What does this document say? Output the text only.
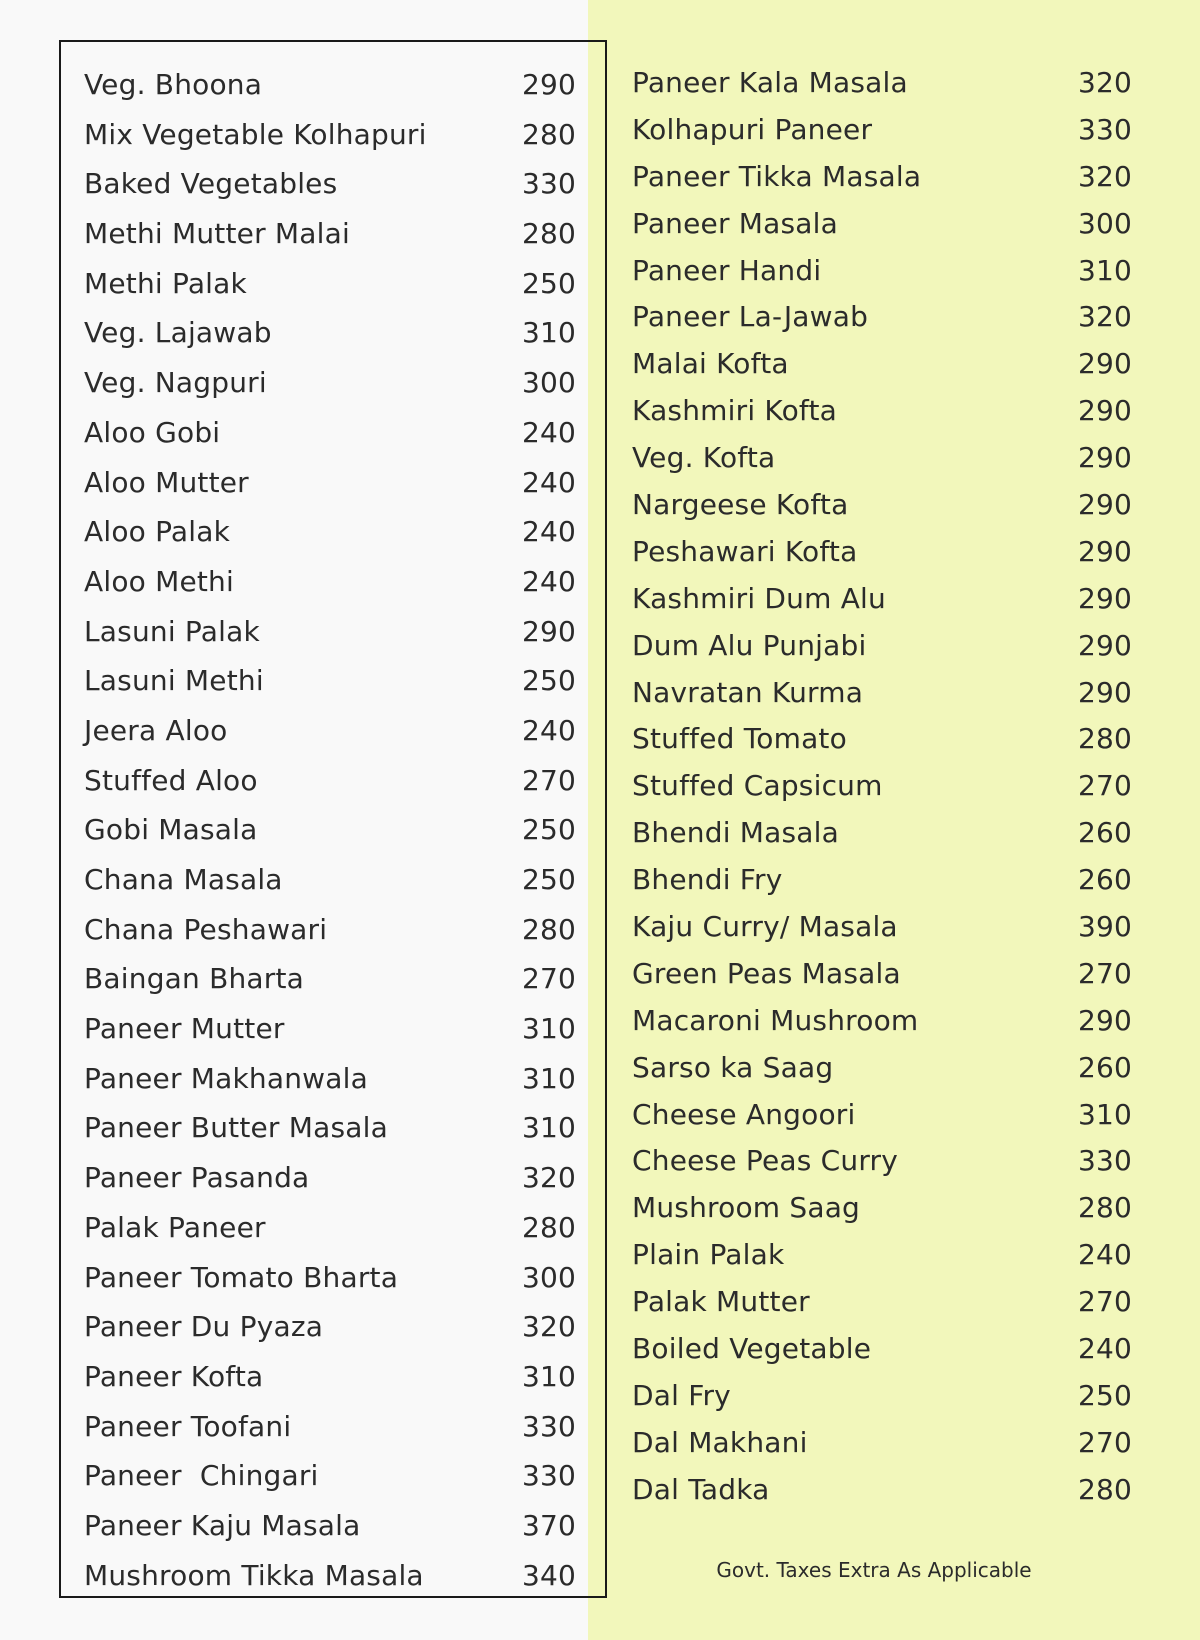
Veg. Bhoona	290
Mix Vegetable Kolhapuri	280
Baked Vegetables	330
Methi Mutter Malai	280
Methi Palak	250
Veg. Lajawab	310
Veg. Nagpuri	300
Aloo Gobi	240
Aloo Mutter	240
Aloo Palak	240
Aloo Methi	240
Lasuni Palak	290
Lasuni Methi	250
Jeera Aloo	240
Stuffed Aloo	270
Gobi Masala	250
Chana Masala	250
Chana Peshawari	280
Baingan Bharta	270
Paneer Mutter	310
Paneer Makhanwala	310
Paneer Butter Masala	310
Paneer Pasanda	320
Palak Paneer	280
Paneer Tomato Bharta	300
Paneer Du Pyaza	320
Paneer Kofta	310
Paneer Toofani	330
Paneer  Chingari	330
Paneer Kaju Masala	370
Mushroom Tikka Masala	340
Paneer Kala Masala	320
Kolhapuri Paneer	330
Paneer Tikka Masala	320
Paneer Masala	300
Paneer Handi	310
Paneer La-Jawab	320
Malai Kofta	290
Kashmiri Kofta	290
Veg. Kofta	290
Nargeese Kofta	290
Peshawari Kofta	290
Kashmiri Dum Alu	290
Dum Alu Punjabi	290
Navratan Kurma	290
Stuffed Tomato	280
Stuffed Capsicum	270
Bhendi Masala	260
Bhendi Fry	260
Kaju Curry/ Masala	390
Green Peas Masala	270
Macaroni Mushroom	290
Sarso ka Saag	260
Cheese Angoori	310
Cheese Peas Curry	330
Mushroom Saag	280
Plain Palak	240
Palak Mutter	270
Boiled Vegetable	240
Dal Fry	250
Dal Makhani	270
Dal Tadka	280
Govt. Taxes Extra As Applicable
